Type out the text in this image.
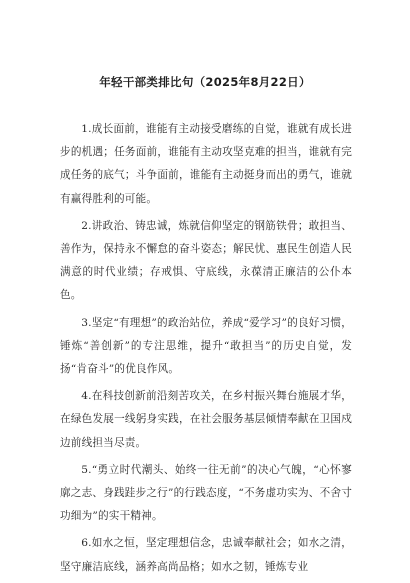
年轻干部类排比句（2025年8月22日）

1.成长面前，谁能有主动接受磨练的自觉，谁就有成长进步的机遇；任务面前，谁能有主动攻坚克难的担当，谁就有完成任务的底气；斗争面前，谁能有主动挺身而出的勇气，谁就有赢得胜利的可能。

2.讲政治、铸忠诚，炼就信仰坚定的钢筋铁骨；敢担当、善作为，保持永不懈怠的奋斗姿态；解民忧、惠民生创造人民满意的时代业绩；存戒惧、守底线，永葆清正廉洁的公仆本色。

3.坚定“有理想”的政治站位，养成“爱学习”的良好习惯，锤炼“善创新”的专注思维，提升“敢担当”的历史自觉，发扬“肯奋斗”的优良作风。

4.在科技创新前沿刻苦攻关，在乡村振兴舞台施展才华，在绿色发展一线躬身实践，在社会服务基层倾情奉献在卫国戍边前线担当尽责。

5.“勇立时代潮头、始终一往无前”的决心气魄，“心怀寥廓之志、身践跬步之行”的行践态度，“不务虚功实为、不舍寸功细为”的实干精神。

6.如水之恒，坚定理想信念，忠诚奉献社会；如水之清，坚守廉洁底线，涵养高尚品格；如水之韧，锤炼专业
